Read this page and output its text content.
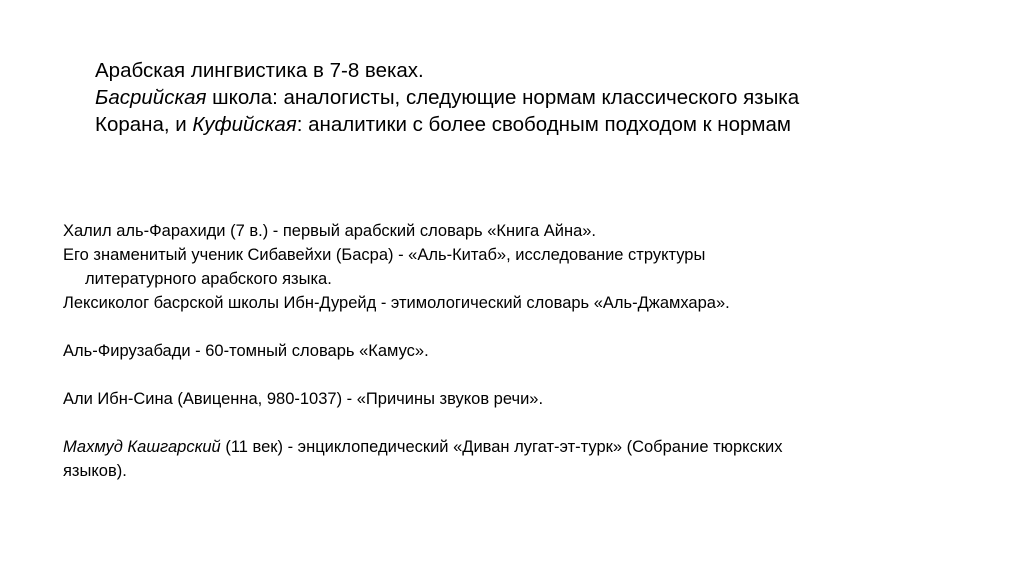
Арабская лингвистика в 7-8 веках.
Басрийская школа: аналогисты, следующие нормам классического языка
Корана, и Куфийская: аналитики с более свободным подходом к нормам

Халил аль-Фарахиди (7 в.) - первый арабский словарь «Книга Айна».

Его знаменитый ученик Сибавейхи (Басра) - «Аль-Китаб», исследование структуры

литературного арабского языка.

Лексиколог басрской школы Ибн-Дурейд - этимологический словарь «Аль-Джамхара».

Аль-Фирузабади - 60-томный словарь «Камус».

Али Ибн-Сина (Авиценна, 980-1037) - «Причины звуков речи».

Махмуд Кашгарский (11 век) - энциклопедический «Диван лугат-эт-турк» (Собрание тюркских

языков).
